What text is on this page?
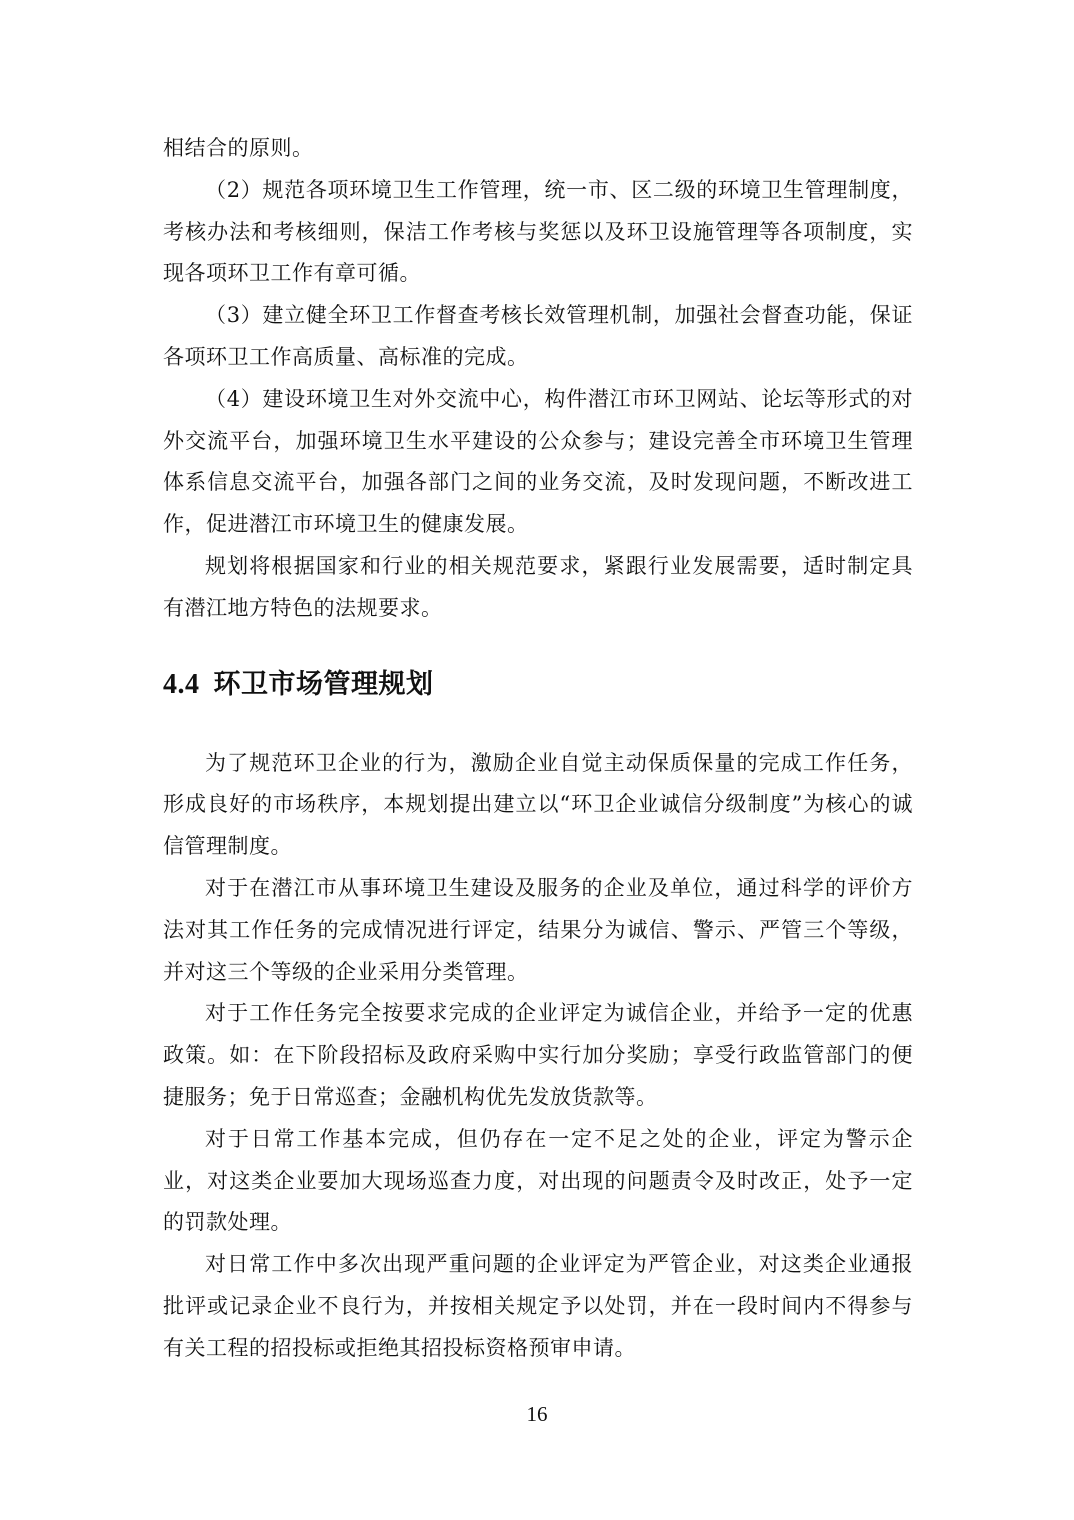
相结合的原则。

（2）规范各项环境卫生工作管理，统一市、区二级的环境卫生管理制度，考核办法和考核细则，保洁工作考核与奖惩以及环卫设施管理等各项制度，实现各项环卫工作有章可循。

（3）建立健全环卫工作督查考核长效管理机制，加强社会督查功能，保证各项环卫工作高质量、高标准的完成。

（4）建设环境卫生对外交流中心，构件潜江市环卫网站、论坛等形式的对外交流平台，加强环境卫生水平建设的公众参与；建设完善全市环境卫生管理体系信息交流平台，加强各部门之间的业务交流，及时发现问题，不断改进工作，促进潜江市环境卫生的健康发展。

规划将根据国家和行业的相关规范要求，紧跟行业发展需要，适时制定具有潜江地方特色的法规要求。

4.4 环卫市场管理规划

为了规范环卫企业的行为，激励企业自觉主动保质保量的完成工作任务，形成良好的市场秩序，本规划提出建立以“环卫企业诚信分级制度”为核心的诚信管理制度。

对于在潜江市从事环境卫生建设及服务的企业及单位，通过科学的评价方法对其工作任务的完成情况进行评定，结果分为诚信、警示、严管三个等级，并对这三个等级的企业采用分类管理。

对于工作任务完全按要求完成的企业评定为诚信企业，并给予一定的优惠政策。如：在下阶段招标及政府采购中实行加分奖励；享受行政监管部门的便捷服务；免于日常巡查；金融机构优先发放货款等。

对于日常工作基本完成，但仍存在一定不足之处的企业，评定为警示企业，对这类企业要加大现场巡查力度，对出现的问题责令及时改正，处予一定的罚款处理。

对日常工作中多次出现严重问题的企业评定为严管企业，对这类企业通报批评或记录企业不良行为，并按相关规定予以处罚，并在一段时间内不得参与有关工程的招投标或拒绝其招投标资格预审申请。

16
